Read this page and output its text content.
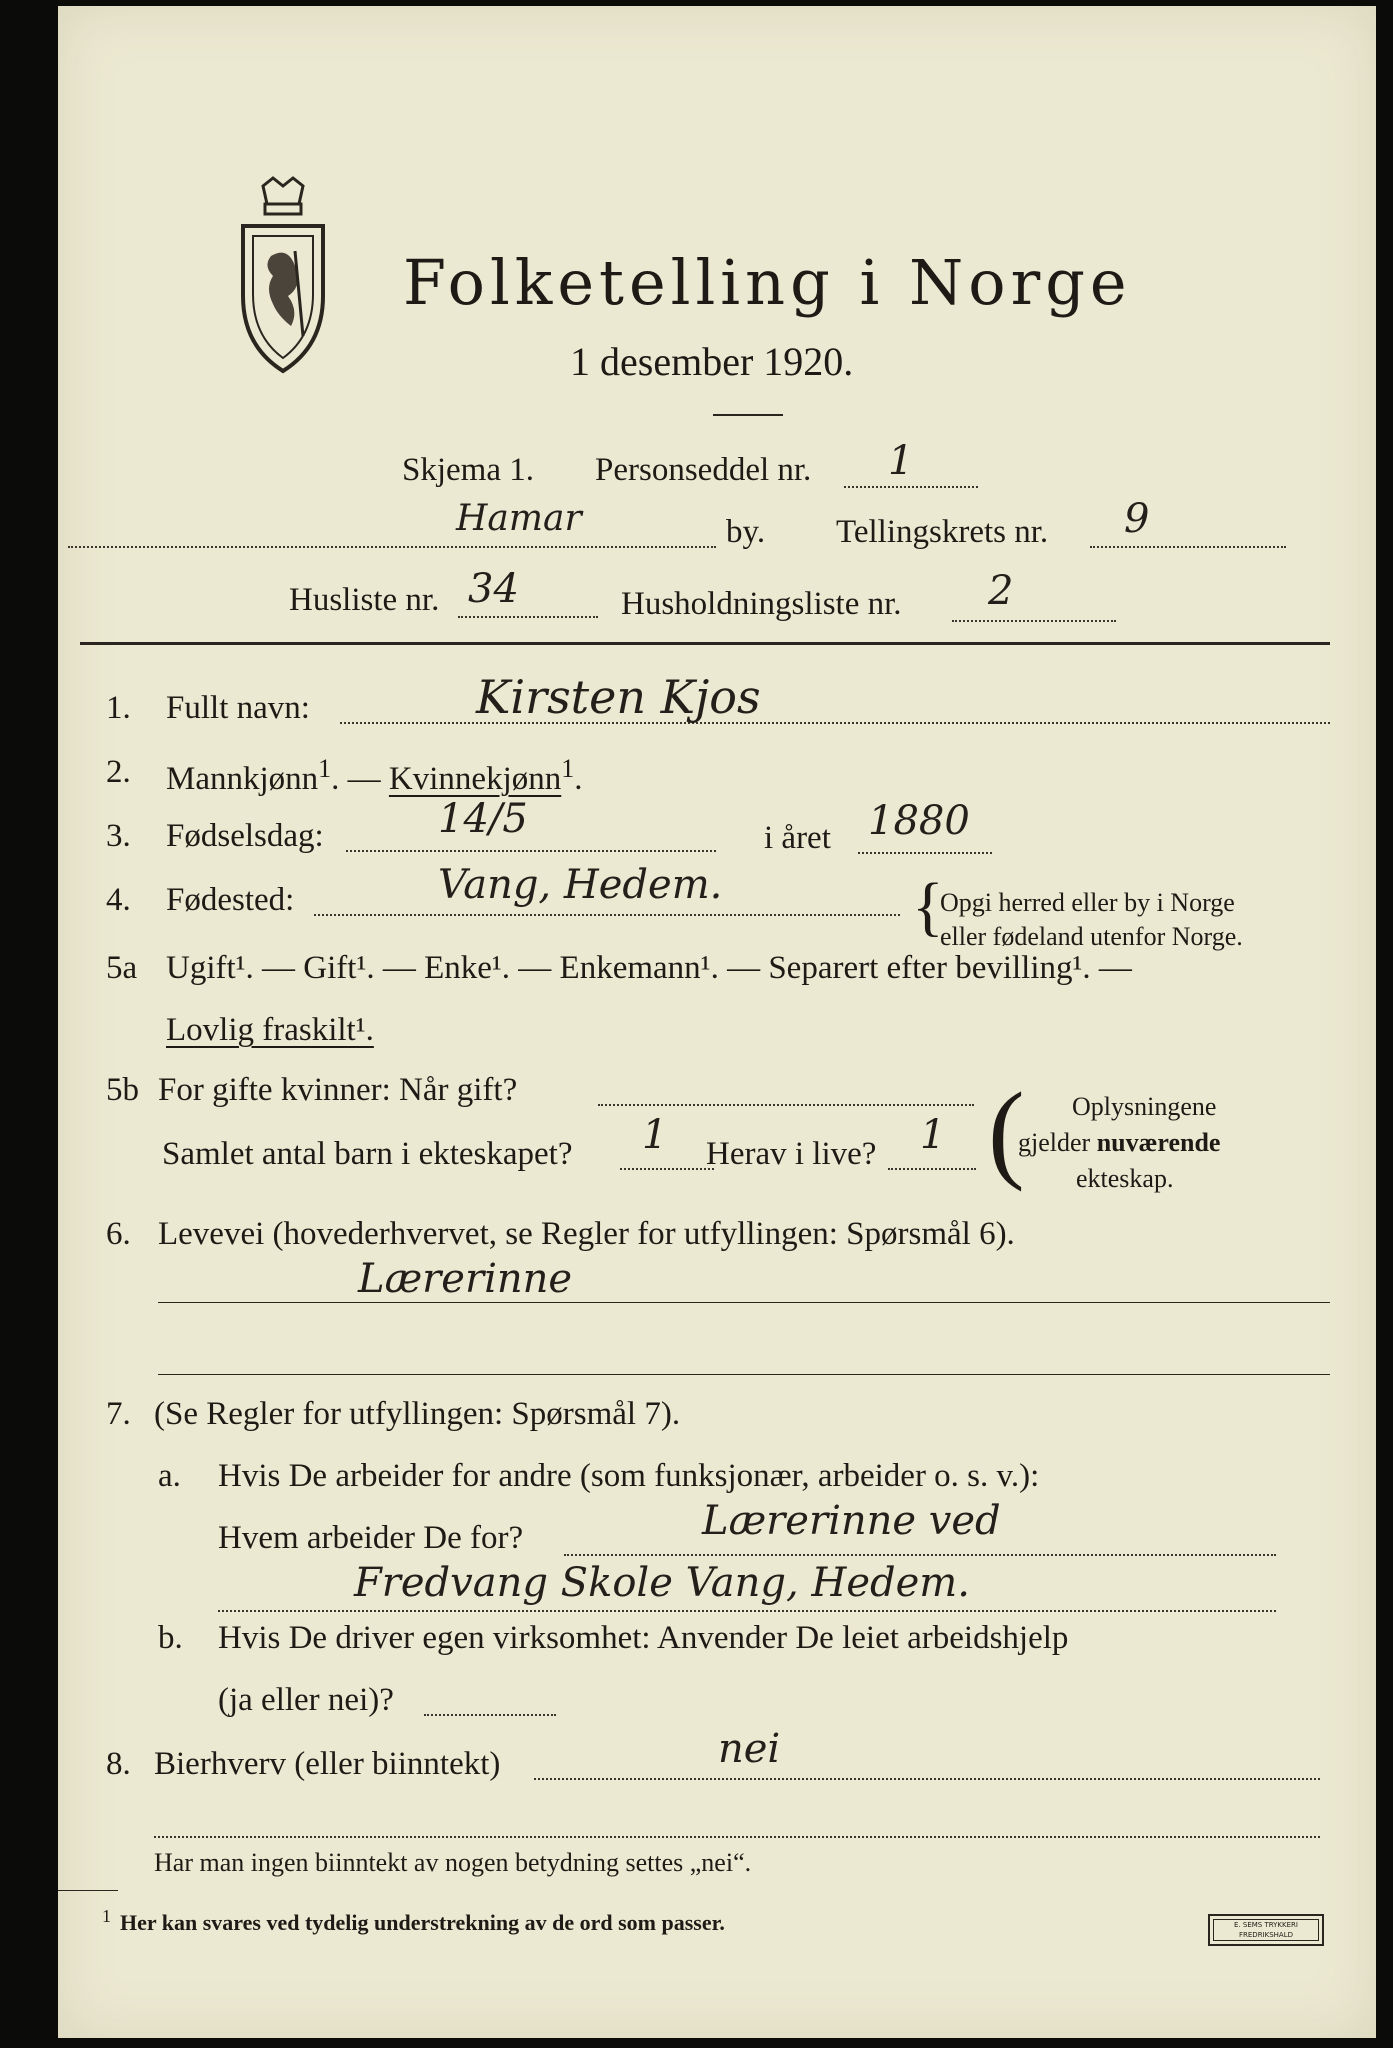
Folketelling i Norge
1 desember 1920.
Skjema 1. Personseddel nr. 1
Hamar	by. Tellingskrets nr. 9
Husliste nr. 34	Husholdningsliste nr. 2
1. Fullt navn:	Kirsten Kjos
2. Mannkjønn$^1$. — Kvinnekjønn$^1$.
3. Fødselsdag:	14/5	i året 1880
4. Fødested:	Vang, Hedem.	{
Opgi herred eller by i Norge
eller fødeland utenfor Norge.
5a Ugift¹. — Gift¹. — Enke¹. — Enkemann¹. — Separert efter bevilling¹. —
Lovlig fraskilt¹.
5b For gifte kvinner: Når gift?
Samlet antal barn i ekteskapet? 1 Herav i live? 1 ( Oplysningene
gjelder nuværende
ekteskap.
6. Levevei (hovederhvervet, se Regler for utfyllingen: Spørsmål 6).
Lærerinne
7. (Se Regler for utfyllingen: Spørsmål 7).
a. Hvis De arbeider for andre (som funksjonær, arbeider o. s. v.):
Hvem arbeider De for?	Lærerinne ved
Fredvang Skole Vang, Hedem.
b. Hvis De driver egen virksomhet: Anvender De leiet arbeidshjelp
(ja eller nei)?
8. Bierhverv (eller biinntekt)	nei
Har man ingen biinntekt av nogen betydning settes „nei“.
1 Her kan svares ved tydelig understrekning av de ord som passer.	E. SEMS TRYKKERI FREDRIKSHALD
